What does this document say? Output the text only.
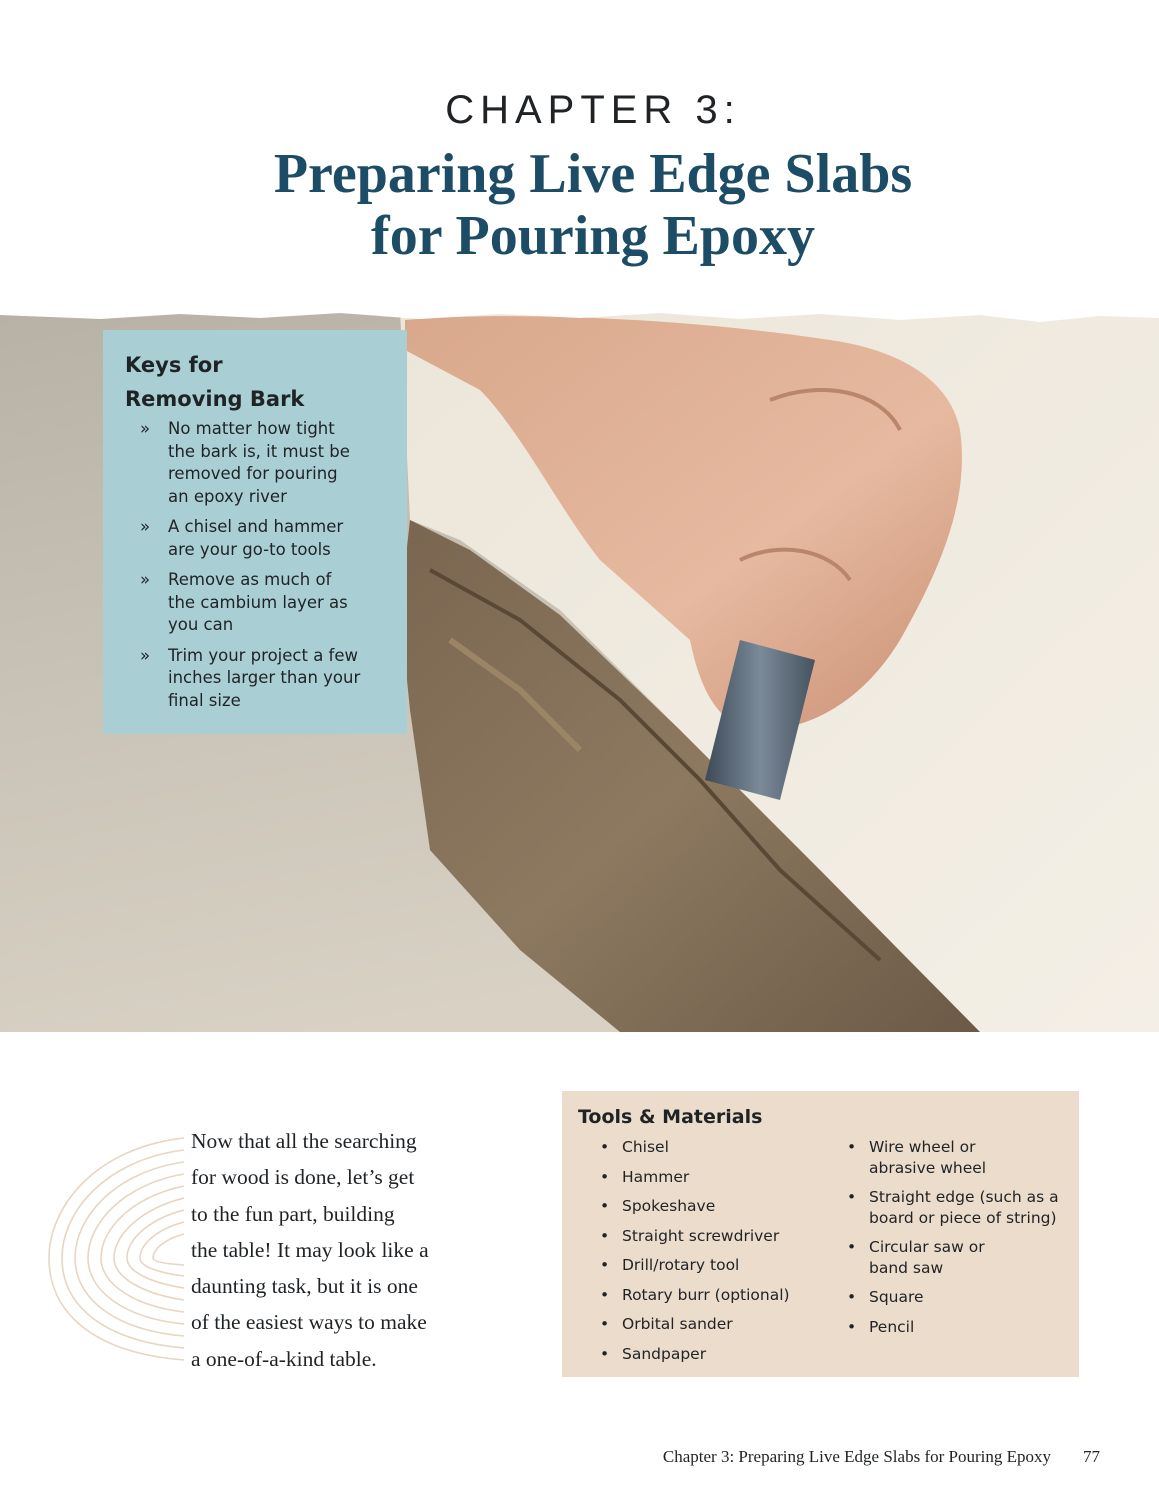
CHAPTER 3:
Preparing Live Edge Slabs
for Pouring Epoxy
Keys for
Removing Bark
» No matter how tight
the bark is, it must be
removed for pouring
an epoxy river
» A chisel and hammer
are your go-to tools
» Remove as much of
the cambium layer as
you can
» Trim your project a few
inches larger than your
final size
Now that all the searching
for wood is done, let’s get
to the fun part, building
the table! It may look like a
daunting task, but it is one
of the easiest ways to make
a one-of-a-kind table.
Tools & Materials
• Chisel
• Hammer
• Spokeshave
• Straight screwdriver
• Drill/rotary tool
• Rotary burr (optional)
• Orbital sander
• Sandpaper
• Wire wheel or
abrasive wheel
• Straight edge (such as a
board or piece of string)
• Circular saw or
band saw
• Square
• Pencil
Chapter 3: Preparing Live Edge Slabs for Pouring Epoxy 77
